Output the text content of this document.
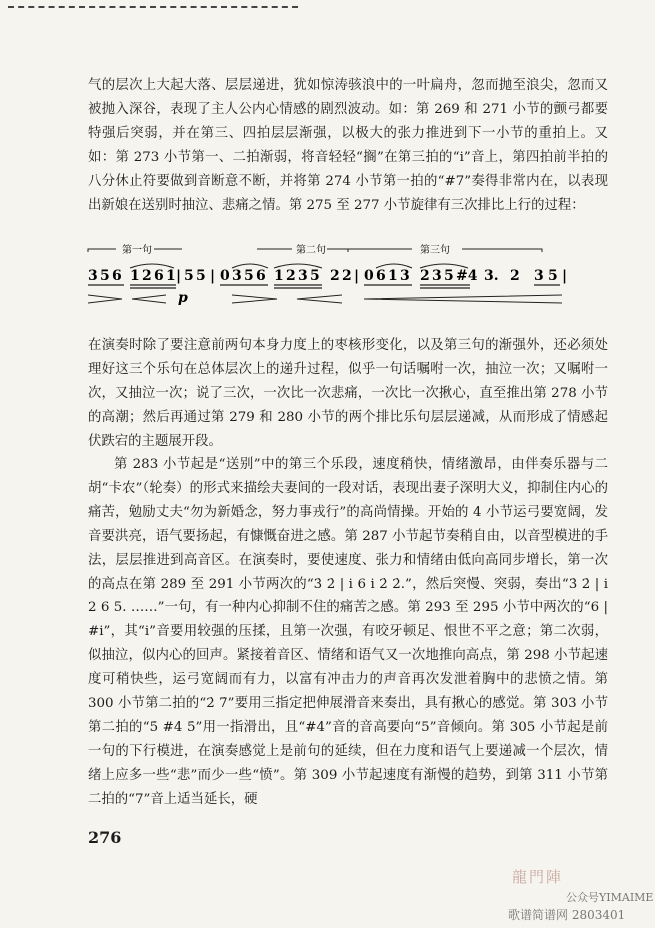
气的层次上大起大落、层层递进，犹如惊涛骇浪中的一叶扁舟，忽而抛至浪尖，忽而又被抛入深谷，表现了主人公内心情感的剧烈波动。如：第 269 和 271 小节的颤弓都要特强后突弱，并在第三、四拍层层渐强，以极大的张力推进到下一小节的重拍上。又如：第 273 小节第一、二拍渐弱，将音轻轻“搁”在第三拍的“i”音上，第四拍前半拍的八分休止符要做到音断意不断，并将第 274 小节第一拍的“#7”奏得非常内在，以表现出新娘在送别时抽泣、悲痛之情。第 275 至 277 小节旋律有三次排比上行的过程：

第一句	第二句	第三句
3 5 6 1 2 6 1 | 5 5 | 0 3 5 6 1 2 3 5 2 2 | 0 6 1 3 2 3 5 #4 3. 2 3 5 |
p

在演奏时除了要注意前两句本身力度上的枣核形变化，以及第三句的渐强外，还必须处理好这三个乐句在总体层次上的递升过程，似乎一句话嘱咐一次，抽泣一次；又嘱咐一次，又抽泣一次；说了三次，一次比一次悲痛，一次比一次揪心，直至推出第 278 小节的高潮；然后再通过第 279 和 280 小节的两个排比乐句层层递减，从而形成了情感起伏跌宕的主题展开段。

第 283 小节起是“送别”中的第三个乐段，速度稍快，情绪激昂，由伴奏乐器与二胡“卡农”（轮奏）的形式来描绘夫妻间的一段对话，表现出妻子深明大义，抑制住内心的痛苦，勉励丈夫“勿为新婚念，努力事戎行”的高尚情操。开始的 4 小节运弓要宽阔，发音要洪亮，语气要扬起，有慷慨奋进之感。第 287 小节起节奏稍自由，以音型模进的手法，层层推进到高音区。在演奏时，要使速度、张力和情绪由低向高同步增长，第一次的高点在第 289 至 291 小节两次的“3̇ 2̇ | i 6 i 2̇ 2̇.”，然后突慢、突弱，奏出“3̇ 2̇ | i 2 6 5. ……”一句，有一种内心抑制不住的痛苦之感。第 293 至 295 小节中两次的“6 | #i”，其“i”音要用较强的压揉，且第一次强，有咬牙顿足、恨世不平之意；第二次弱，似抽泣，似内心的回声。紧接着音区、情绪和语气又一次地推向高点，第 298 小节起速度可稍快些，运弓宽阔而有力，以富有冲击力的声音再次发泄着胸中的悲愤之情。第 300 小节第二拍的“2̇ 7̇”要用三指定把伸展滑音来奏出，具有揪心的感觉。第 303 小节第二拍的“5̇ #4̇ 5̇”用一指滑出，且“#4”音的音高要向“5”音倾向。第 305 小节起是前一句的下行模进，在演奏感觉上是前句的延续，但在力度和语气上要递减一个层次，情绪上应多一些“悲”而少一些“愤”。第 309 小节起速度有渐慢的趋势，到第 311 小节第二拍的“7”音上适当延长，硬

276
龍門陣
公众号YIMAIME
歌谱简谱网 2803401
